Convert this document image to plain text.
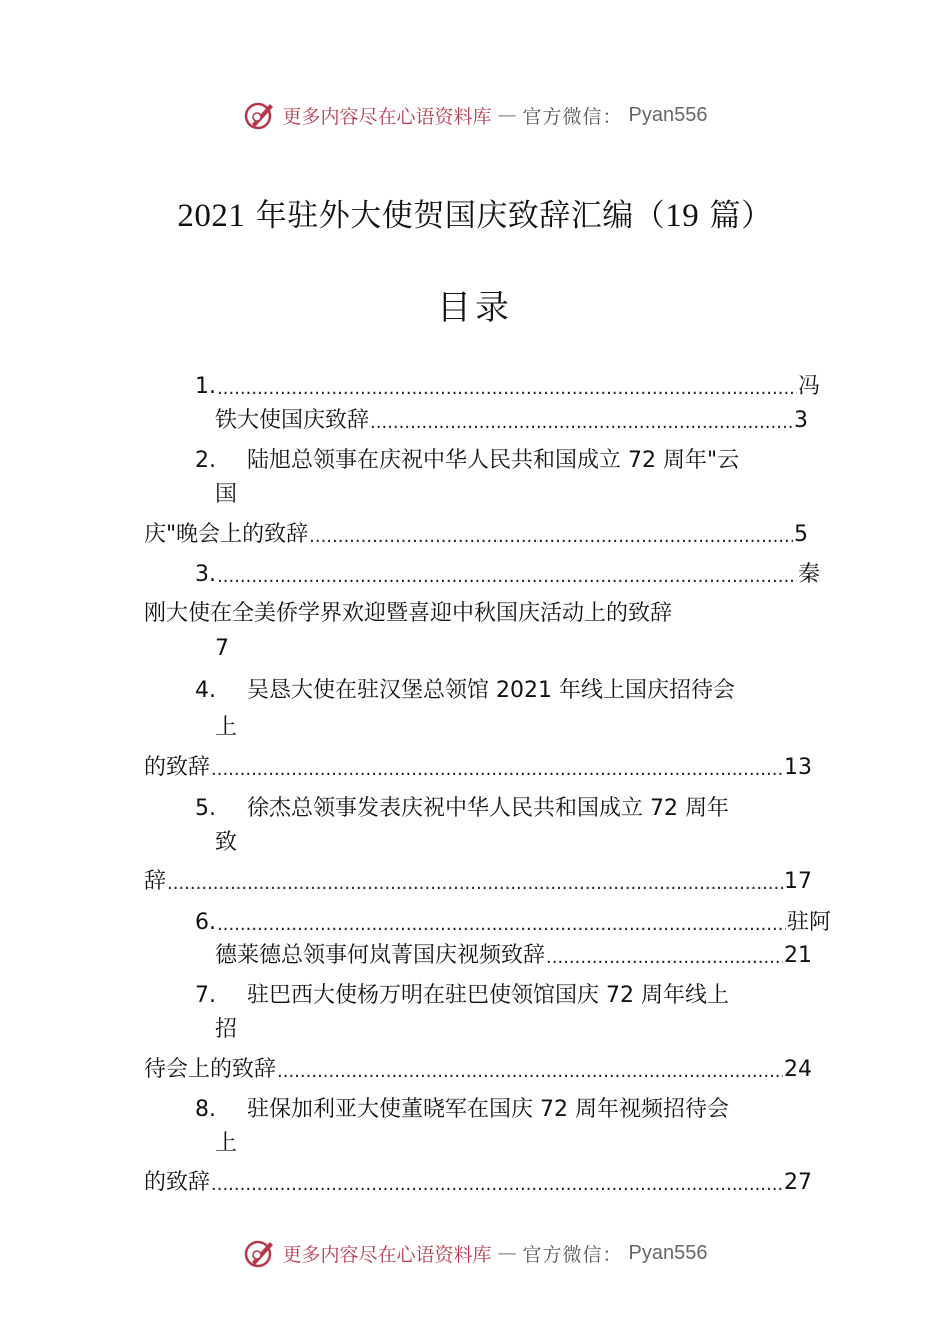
更多内容尽在心语资料库 — 官方微信： Pyan556
2021 年驻外大使贺国庆致辞汇编（19 篇）
目录
1. .....	冯
铁大使国庆致辞 .....	3
2.	陆旭总领事在庆祝中华人民共和国成立 72 周年"云
国
庆"晚会上的致辞 .....	5
3. .....	秦
刚大使在全美侨学界欢迎暨喜迎中秋国庆活动上的致辞
7
4.	吴恳大使在驻汉堡总领馆 2021 年线上国庆招待会
上
的致辞 .....	13
5.	徐杰总领事发表庆祝中华人民共和国成立 72 周年
致
辞 .....	17
6. .....	驻阿
德莱德总领事何岚菁国庆视频致辞 .....	21
7.	驻巴西大使杨万明在驻巴使领馆国庆 72 周年线上
招
待会上的致辞 .....	24
8.	驻保加利亚大使董晓军在国庆 72 周年视频招待会
上
的致辞 .....	27
更多内容尽在心语资料库 — 官方微信： Pyan556
